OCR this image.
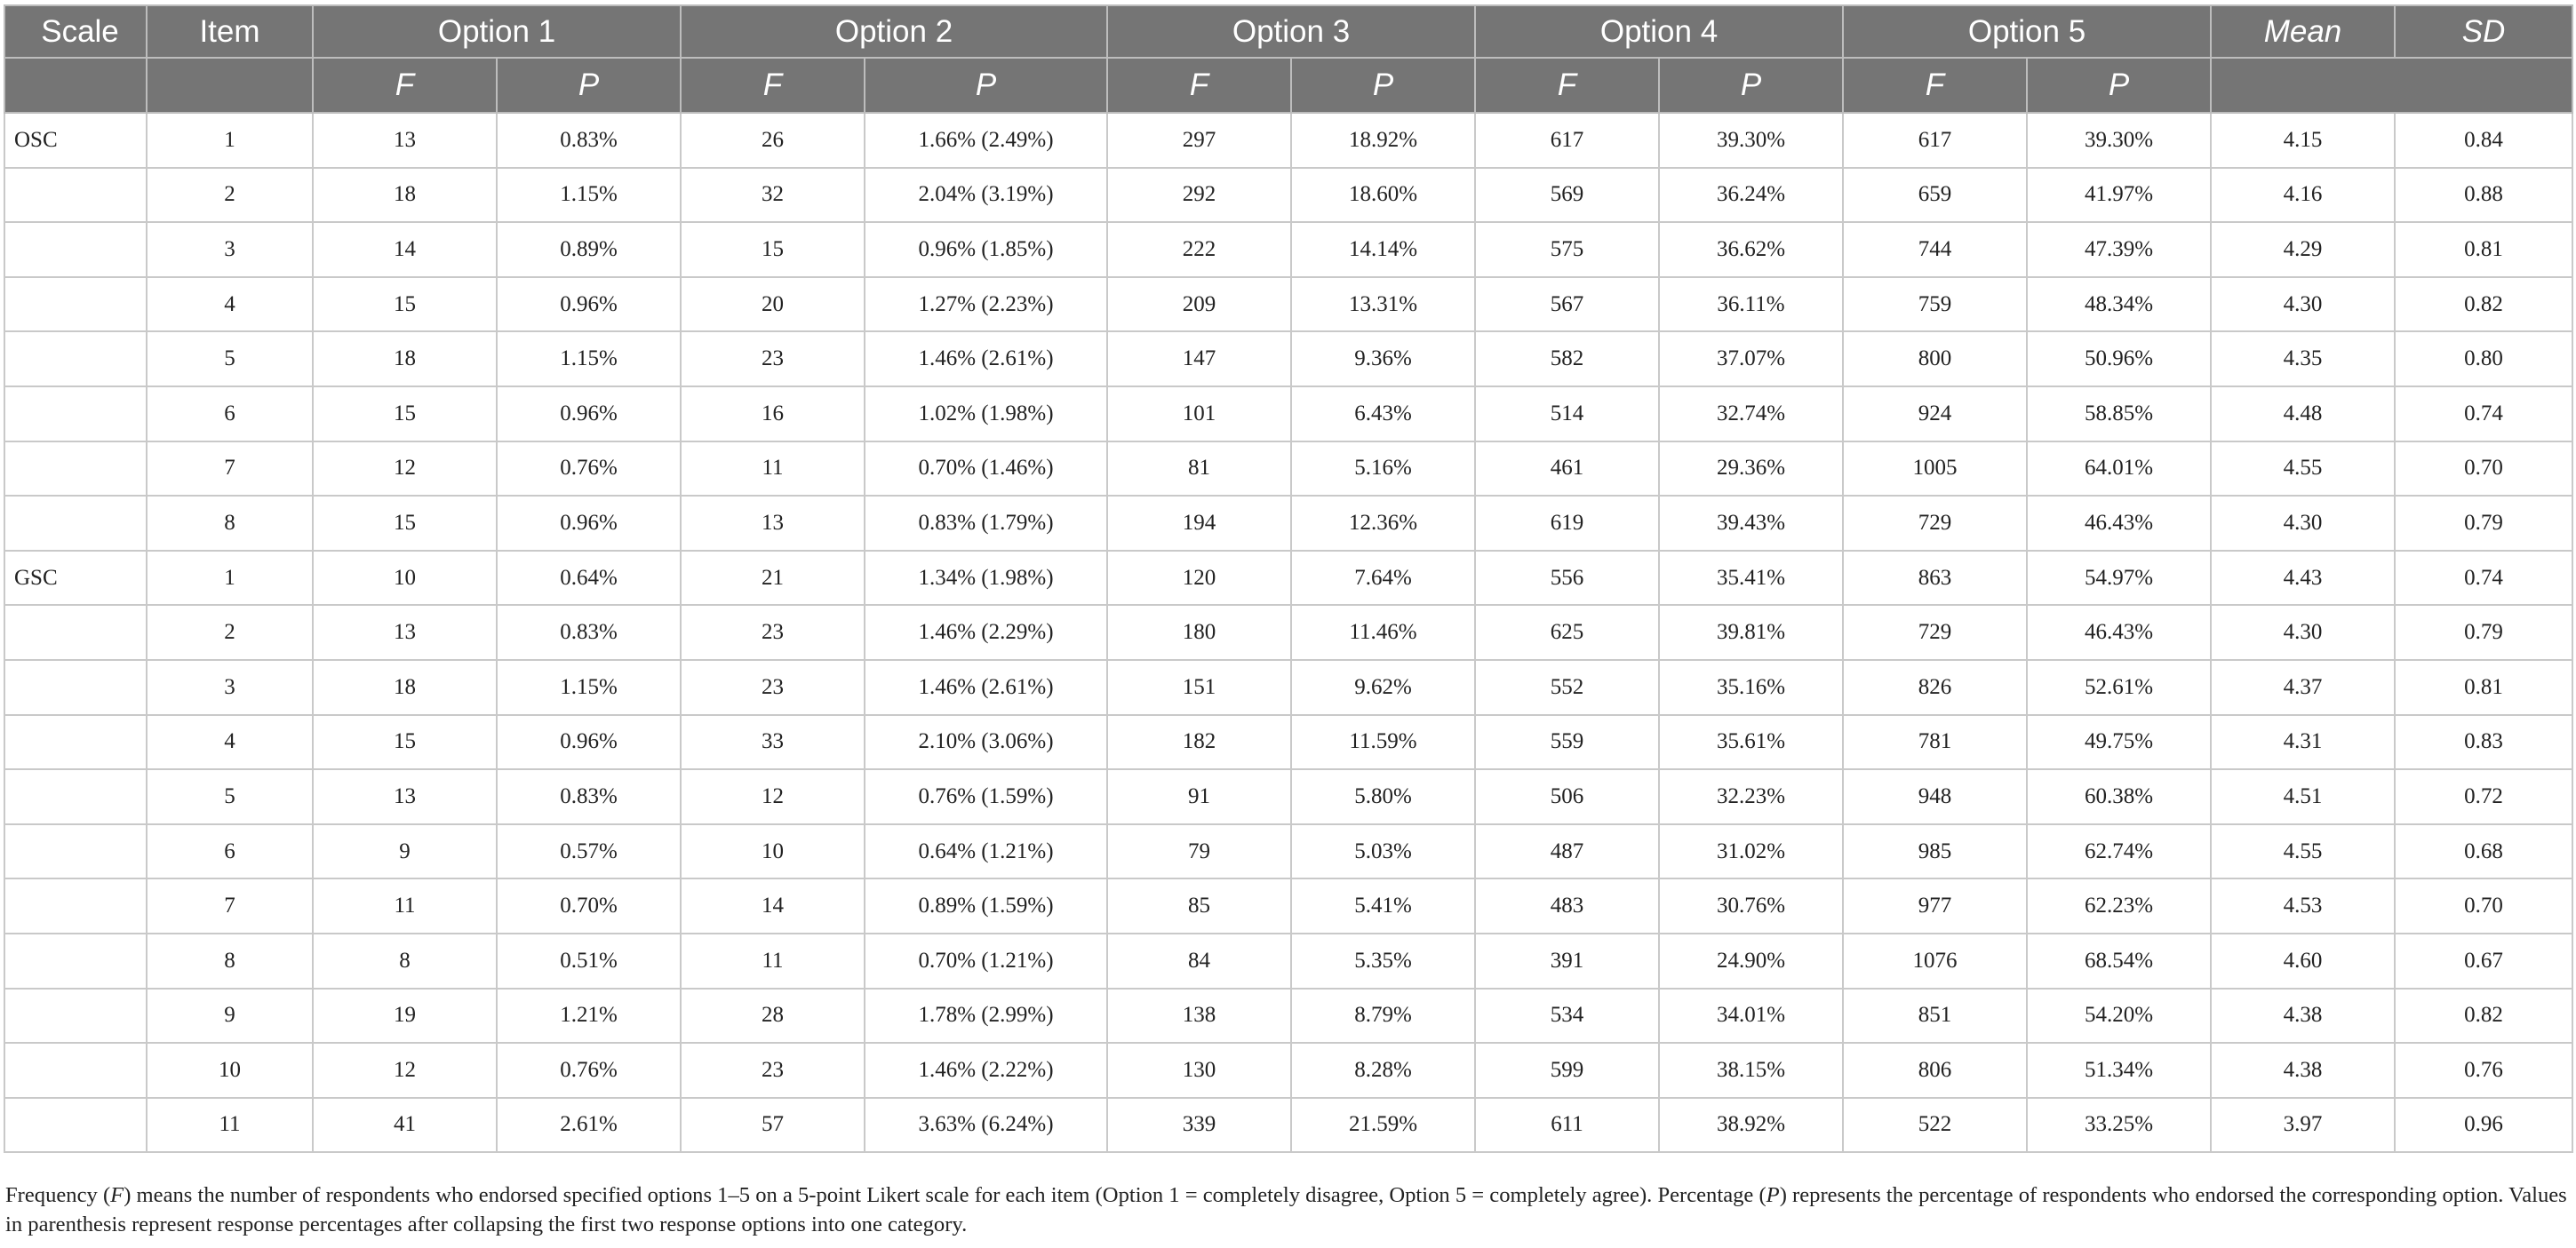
Scale	Item	Option 1		Option 2		Option 3		Option 4		Option 5		Mean	SD
		F	P	F	P	F	P	F	P	F	P		
OSC	1	13	0.83%	26	1.66% (2.49%)	297	18.92%	617	39.30%	617	39.30%	4.15	0.84
	2	18	1.15%	32	2.04% (3.19%)	292	18.60%	569	36.24%	659	41.97%	4.16	0.88
	3	14	0.89%	15	0.96% (1.85%)	222	14.14%	575	36.62%	744	47.39%	4.29	0.81
	4	15	0.96%	20	1.27% (2.23%)	209	13.31%	567	36.11%	759	48.34%	4.30	0.82
	5	18	1.15%	23	1.46% (2.61%)	147	9.36%	582	37.07%	800	50.96%	4.35	0.80
	6	15	0.96%	16	1.02% (1.98%)	101	6.43%	514	32.74%	924	58.85%	4.48	0.74
	7	12	0.76%	11	0.70% (1.46%)	81	5.16%	461	29.36%	1005	64.01%	4.55	0.70
	8	15	0.96%	13	0.83% (1.79%)	194	12.36%	619	39.43%	729	46.43%	4.30	0.79
GSC	1	10	0.64%	21	1.34% (1.98%)	120	7.64%	556	35.41%	863	54.97%	4.43	0.74
	2	13	0.83%	23	1.46% (2.29%)	180	11.46%	625	39.81%	729	46.43%	4.30	0.79
	3	18	1.15%	23	1.46% (2.61%)	151	9.62%	552	35.16%	826	52.61%	4.37	0.81
	4	15	0.96%	33	2.10% (3.06%)	182	11.59%	559	35.61%	781	49.75%	4.31	0.83
	5	13	0.83%	12	0.76% (1.59%)	91	5.80%	506	32.23%	948	60.38%	4.51	0.72
	6	9	0.57%	10	0.64% (1.21%)	79	5.03%	487	31.02%	985	62.74%	4.55	0.68
	7	11	0.70%	14	0.89% (1.59%)	85	5.41%	483	30.76%	977	62.23%	4.53	0.70
	8	8	0.51%	11	0.70% (1.21%)	84	5.35%	391	24.90%	1076	68.54%	4.60	0.67
	9	19	1.21%	28	1.78% (2.99%)	138	8.79%	534	34.01%	851	54.20%	4.38	0.82
	10	12	0.76%	23	1.46% (2.22%)	130	8.28%	599	38.15%	806	51.34%	4.38	0.76
	11	41	2.61%	57	3.63% (6.24%)	339	21.59%	611	38.92%	522	33.25%	3.97	0.96

Frequency (F) means the number of respondents who endorsed specified options 1–5 on a 5-point Likert scale for each item (Option 1 = completely disagree, Option 5 = completely agree). Percentage (P) represents the percentage of respondents who endorsed the corresponding option. Values in parenthesis represent response percentages after collapsing the first two response options into one category.
